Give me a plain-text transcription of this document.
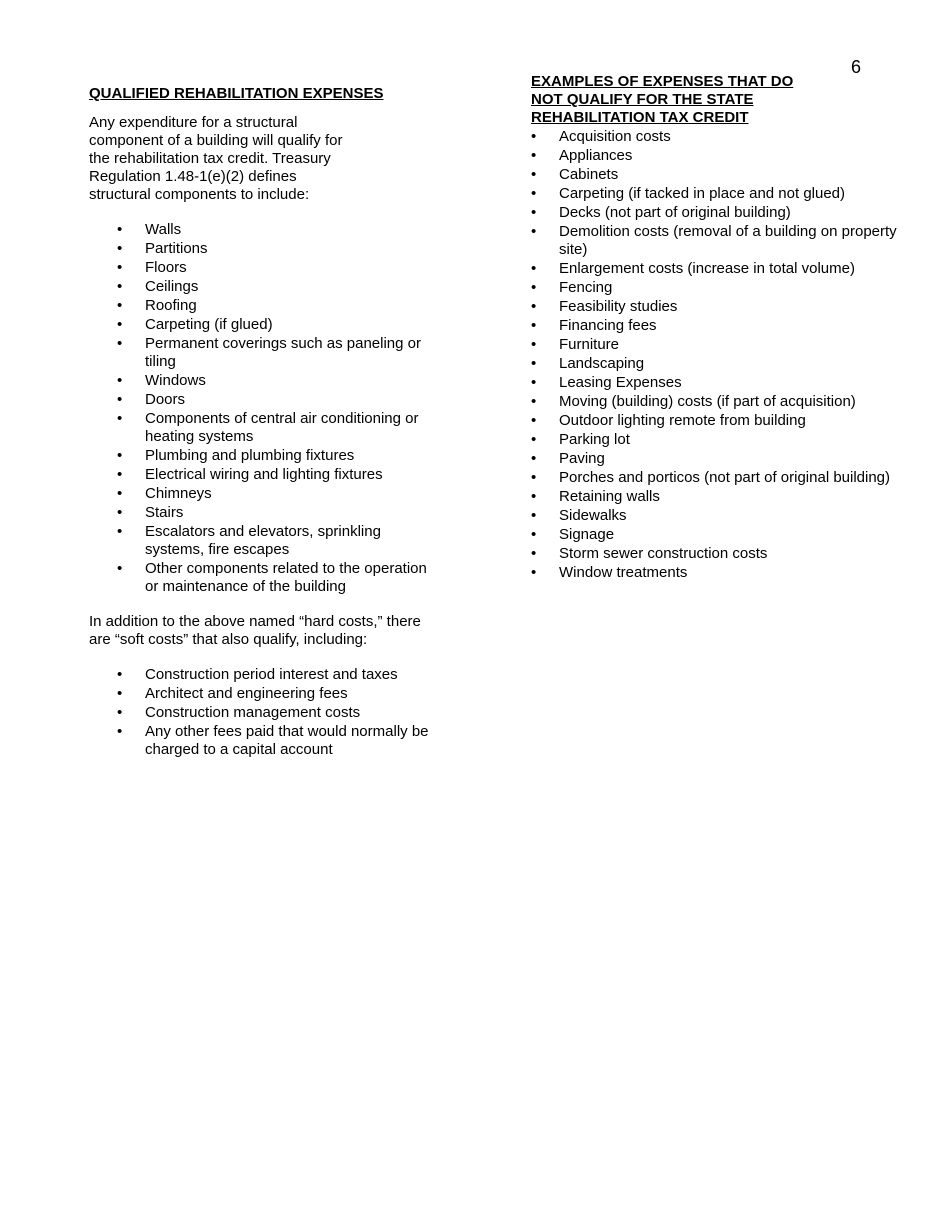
6
QUALIFIED REHABILITATION EXPENSES
Any expenditure for a structural
component of a building will qualify for
the rehabilitation tax credit. Treasury
Regulation 1.48-1(e)(2) defines
structural components to include:
• Walls
• Partitions
• Floors
• Ceilings
• Roofing
• Carpeting (if glued)
• Permanent coverings such as paneling or tiling
• Windows
• Doors
• Components of central air conditioning or heating systems
• Plumbing and plumbing fixtures
• Electrical wiring and lighting fixtures
• Chimneys
• Stairs
• Escalators and elevators, sprinkling systems, fire escapes
• Other components related to the operation or maintenance of the building
In addition to the above named “hard costs,” there are “soft costs” that also qualify, including:
• Construction period interest and taxes
• Architect and engineering fees
• Construction management costs
• Any other fees paid that would normally be charged to a capital account
EXAMPLES OF EXPENSES THAT DO
NOT QUALIFY FOR THE STATE
REHABILITATION TAX CREDIT
• Acquisition costs
• Appliances
• Cabinets
• Carpeting (if tacked in place and not glued)
• Decks (not part of original building)
• Demolition costs (removal of a building on property site)
• Enlargement costs (increase in total volume)
• Fencing
• Feasibility studies
• Financing fees
• Furniture
• Landscaping
• Leasing Expenses
• Moving (building) costs (if part of acquisition)
• Outdoor lighting remote from building
• Parking lot
• Paving
• Porches and porticos (not part of original building)
• Retaining walls
• Sidewalks
• Signage
• Storm sewer construction costs
• Window treatments
